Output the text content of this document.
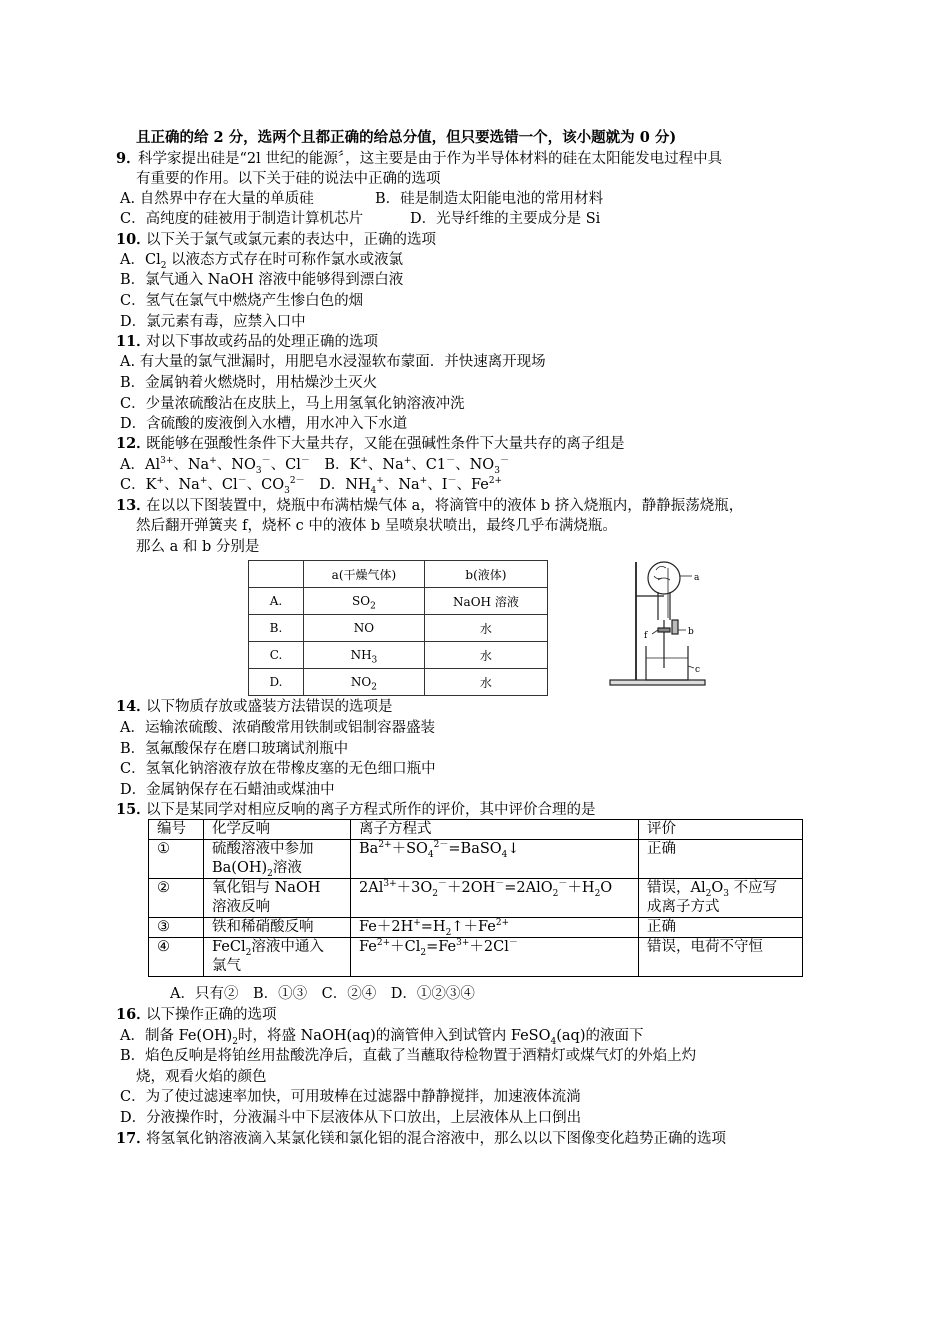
且正确的给 2 分，选两个且都正确的给总分值，但只要选错一个，该小题就为 0 分)
9．
科学家提出硅是“2l 世纪的能源〞，这主要是由于作为半导体材料的硅在太阳能发电过程中具
有重要的作用。以下关于硅的说法中正确的选项
A. 自然界中存在大量的单质硅	B．硅是制造太阳能电池的常用材料
C．高纯度的硅被用于制造计算机芯片	D．光导纤维的主要成分是 Si
10．
以下关于氯气或氯元素的表达中，正确的选项
A．$Cl_2$ 以液态方式存在时可称作氯水或液氯
B．氯气通入 NaOH 溶液中能够得到漂白液
C．氢气在氯气中燃烧产生惨白色的烟
D．氯元素有毒，应禁入口中
11．
对以下事故或药品的处理正确的选项
A. 有大量的氯气泄漏时，用肥皂水浸湿软布蒙面．并快速离开现场
B．金属钠着火燃烧时，用枯燥沙土灭火
C．少量浓硫酸沾在皮肤上，马上用氢氧化钠溶液冲洗
D．含硫酸的废液倒入水槽，用水冲入下水道
12．
既能够在强酸性条件下大量共存，又能在强碱性条件下大量共存的离子组是
A．$Al^{3+}$、Na+、$NO_3^-$、Cl－　B．K+、Na+、C1－、$NO_3^-$
C．K+、Na+、Cl－、$CO_3^{2-}$　D．$NH_4^+$、Na+、I－、$Fe^{2+}$
13．
在以以下图装置中，烧瓶中布满枯燥气体 a，将滴管中的液体 b 挤入烧瓶内，静静振荡烧瓶，
然后翻开弹簧夹 f，烧杯 c 中的液体 b 呈喷泉状喷出，最终几乎布满烧瓶。
那么 a 和 b 分别是
	a(干燥气体)	b(液体)
A.	$SO_2$	NaOH 溶液
B.	NO	水
C.	$NH_3$	水
D.	$NO_2$	水
a
b
c
f
14．
以下物质存放或盛装方法错误的选项是
A．运输浓硫酸、浓硝酸常用铁制或铝制容器盛装
B．氢氟酸保存在磨口玻璃试剂瓶中
C．氢氧化钠溶液存放在带橡皮塞的无色细口瓶中
D．金属钠保存在石蜡油或煤油中
15．
以下是某同学对相应反响的离子方程式所作的评价，其中评价合理的是
编号	化学反响	离子方程式	评价
①	硫酸溶液中参加
$Ba(OH)_2$溶液	$Ba^{2+}+SO_4^{2-}=BaSO_4↓$	正确
②	氧化铝与 NaOH
溶液反响	$2Al^{3+}+3O_2^-+2OH^-=2AlO_2^-+H_2O$	错误，$Al_2O_3$ 不应写
成离子方式
③	铁和稀硝酸反响	$Fe+2H^+=H_2↑+Fe^{2+}$	正确
④	FeCl$_2$溶液中通入
氯气	$Fe^{2+}+Cl_2=Fe^{3+}+2Cl^-$	错误，电荷不守恒
A．只有②　B．①③　C．②④　D．①②③④
16．
以下操作正确的选项
A．制备 $Fe(OH)_2$时，将盛 NaOH(aq)的滴管伸入到试管内 FeSO$_4$(aq)的液面下
B．焰色反响是将铂丝用盐酸洗净后，直截了当蘸取待检物置于酒精灯或煤气灯的外焰上灼
烧，观看火焰的颜色
C．为了使过滤速率加快，可用玻棒在过滤器中静静搅拌，加速液体流淌
D．分液操作时，分液漏斗中下层液体从下口放出，上层液体从上口倒出
17．
将氢氧化钠溶液滴入某氯化镁和氯化铝的混合溶液中，那么以以下图像变化趋势正确的选项
